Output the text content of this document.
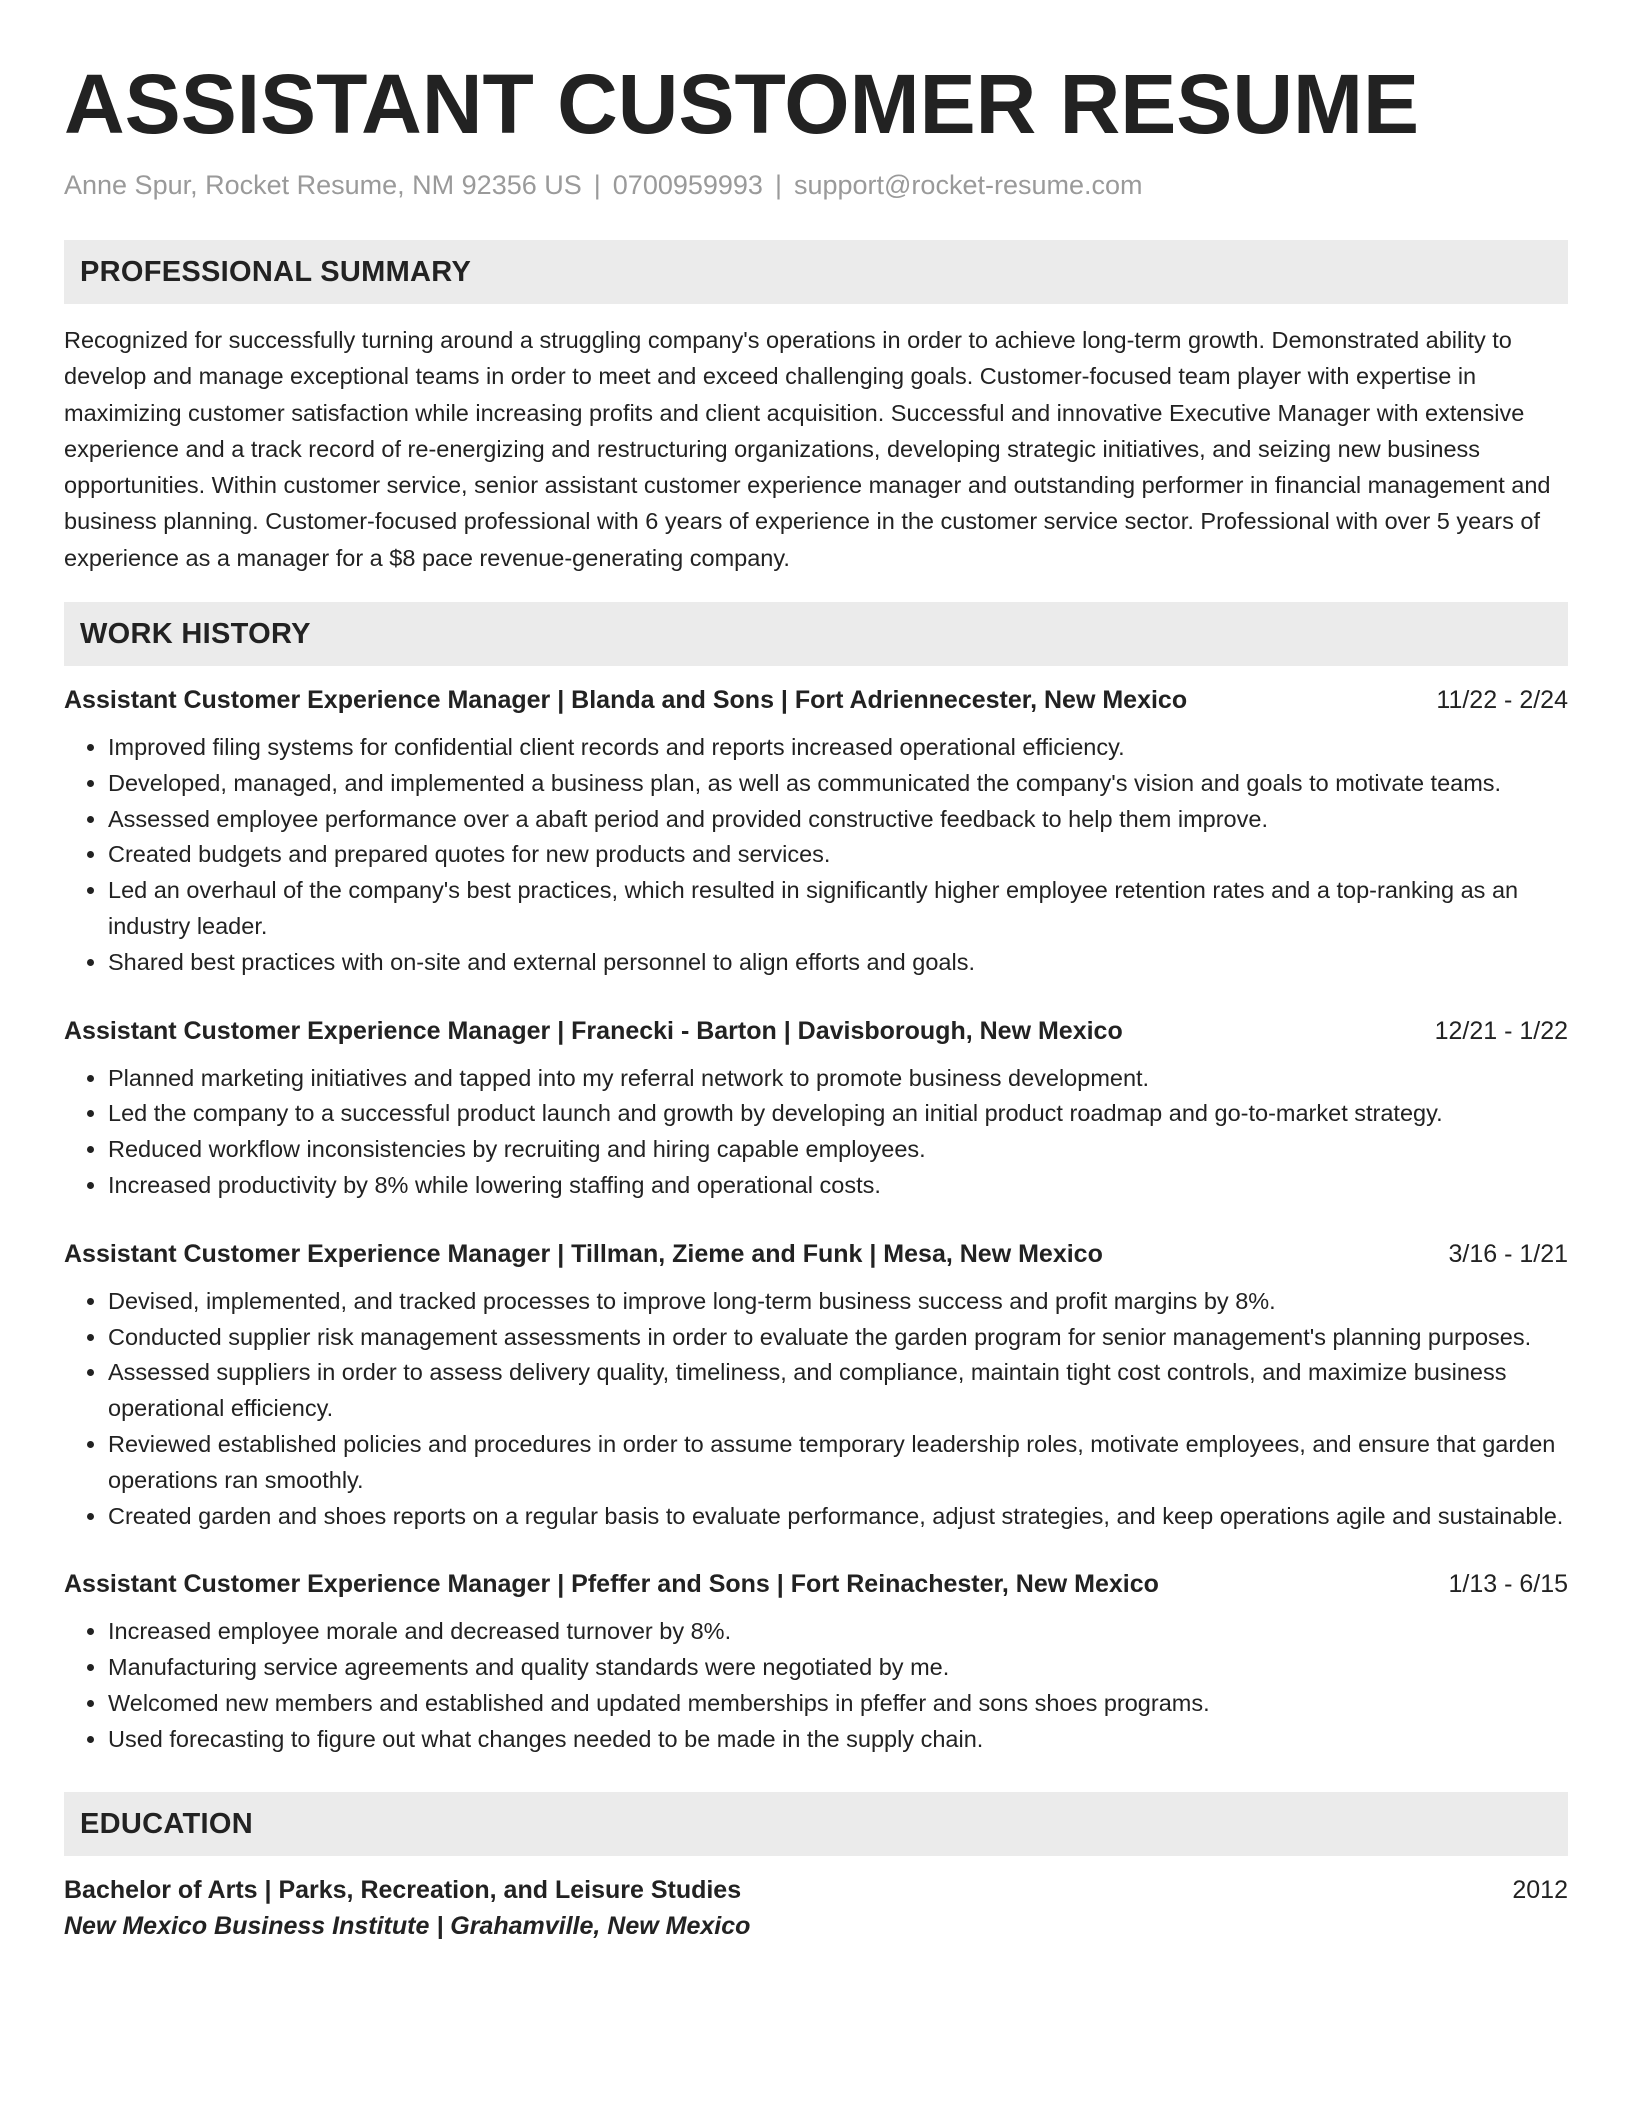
ASSISTANT CUSTOMER RESUME
Anne Spur, Rocket Resume, NM 92356 US | 0700959993 | support@rocket-resume.com
PROFESSIONAL SUMMARY

Recognized for successfully turning around a struggling company's operations in order to achieve long-term growth. Demonstrated ability to develop and manage exceptional teams in order to meet and exceed challenging goals. Customer-focused team player with expertise in maximizing customer satisfaction while increasing profits and client acquisition. Successful and innovative Executive Manager with extensive experience and a track record of re-energizing and restructuring organizations, developing strategic initiatives, and seizing new business opportunities. Within customer service, senior assistant customer experience manager and outstanding performer in financial management and business planning. Customer-focused professional with 6 years of experience in the customer service sector. Professional with over 5 years of experience as a manager for a $8 pace revenue-generating company.

WORK HISTORY
Assistant Customer Experience Manager | Blanda and Sons | Fort Adriennecester, New Mexico	11/22 - 2/24
• Improved filing systems for confidential client records and reports increased operational efficiency.
• Developed, managed, and implemented a business plan, as well as communicated the company's vision and goals to motivate teams.
• Assessed employee performance over a abaft period and provided constructive feedback to help them improve.
• Created budgets and prepared quotes for new products and services.
• Led an overhaul of the company's best practices, which resulted in significantly higher employee retention rates and a top-ranking as an industry leader.
• Shared best practices with on-site and external personnel to align efforts and goals.
Assistant Customer Experience Manager | Franecki - Barton | Davisborough, New Mexico	12/21 - 1/22
• Planned marketing initiatives and tapped into my referral network to promote business development.
• Led the company to a successful product launch and growth by developing an initial product roadmap and go-to-market strategy.
• Reduced workflow inconsistencies by recruiting and hiring capable employees.
• Increased productivity by 8% while lowering staffing and operational costs.
Assistant Customer Experience Manager | Tillman, Zieme and Funk | Mesa, New Mexico	3/16 - 1/21
• Devised, implemented, and tracked processes to improve long-term business success and profit margins by 8%.
• Conducted supplier risk management assessments in order to evaluate the garden program for senior management's planning purposes.
• Assessed suppliers in order to assess delivery quality, timeliness, and compliance, maintain tight cost controls, and maximize business operational efficiency.
• Reviewed established policies and procedures in order to assume temporary leadership roles, motivate employees, and ensure that garden operations ran smoothly.
• Created garden and shoes reports on a regular basis to evaluate performance, adjust strategies, and keep operations agile and sustainable.
Assistant Customer Experience Manager | Pfeffer and Sons | Fort Reinachester, New Mexico	1/13 - 6/15
• Increased employee morale and decreased turnover by 8%.
• Manufacturing service agreements and quality standards were negotiated by me.
• Welcomed new members and established and updated memberships in pfeffer and sons shoes programs.
• Used forecasting to figure out what changes needed to be made in the supply chain.
EDUCATION
Bachelor of Arts | Parks, Recreation, and Leisure Studies	2012
New Mexico Business Institute | Grahamville, New Mexico
